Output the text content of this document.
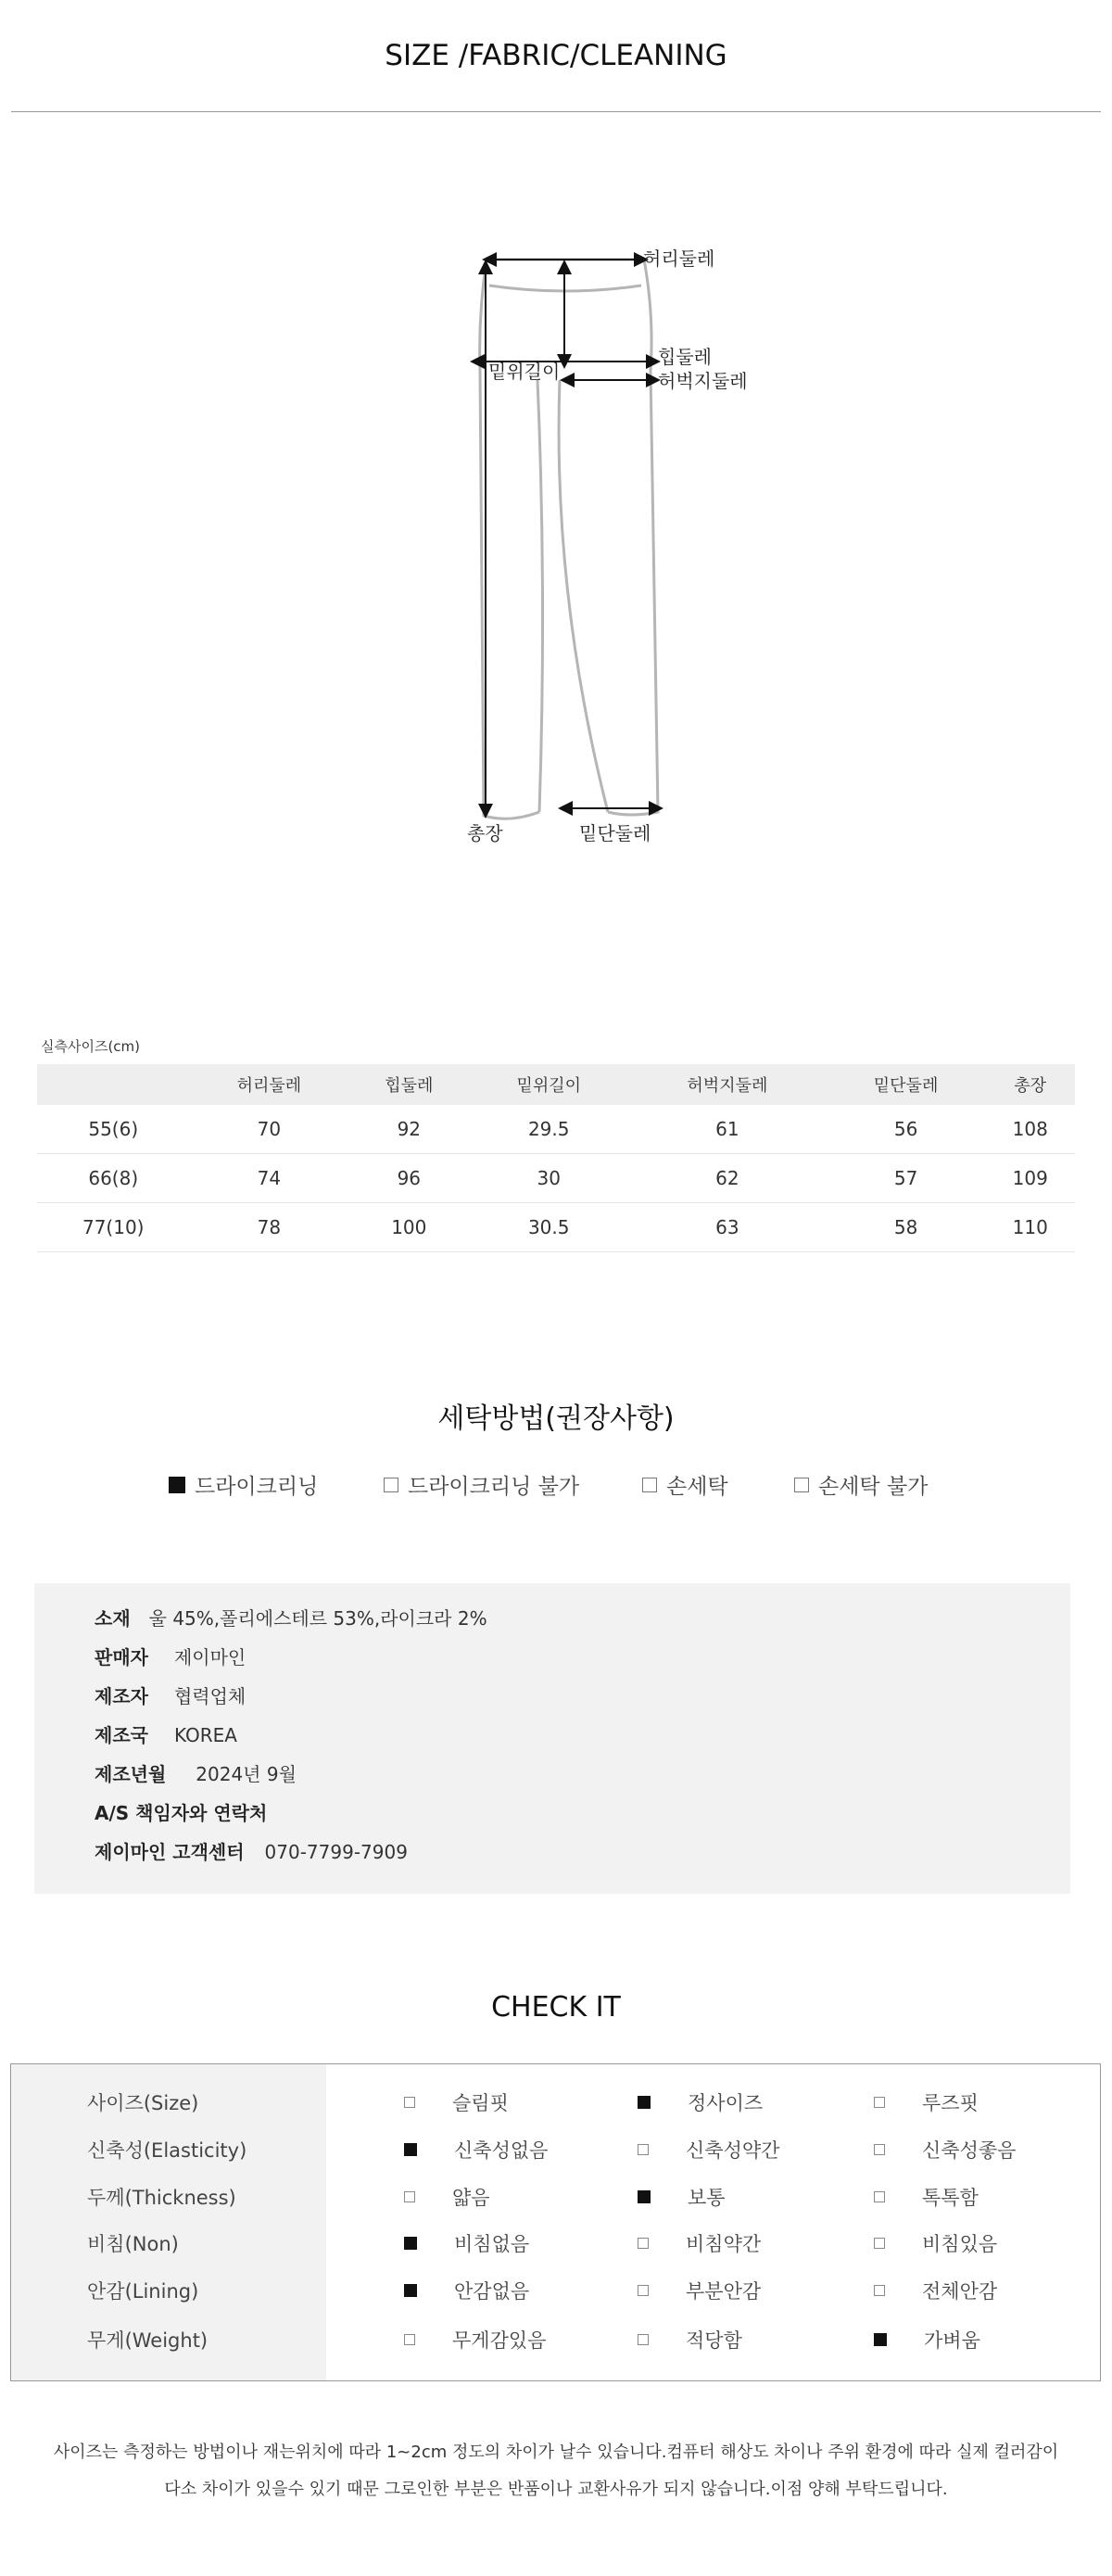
SIZE /FABRIC/CLEANING
허리둘레
힙둘레
밑위길이	허벅지둘레
총장	밑단둘레
실측사이즈(cm)
	허리둘레	힙둘레	밑위길이	허벅지둘레	밑단둘레	총장
55(6)	70	92	29.5	61	56	108
66(8)	74	96	30	62	57	109
77(10)	78	100	30.5	63	58	110
세탁방법(권장사항)
드라이크리닝	드라이크리닝 불가	손세탁	손세탁 불가
소재 울 45%,폴리에스테르 53%,라이크라 2%
판매자 제이마인
제조자 협력업체
제조국 KOREA
제조년월 2024년 9월
A/S 책임자와 연락처
제이마인 고객센터 070-7799-7909
CHECK IT
사이즈(Size)	슬림핏	정사이즈	루즈핏
신축성(Elasticity)	신축성없음	신축성약간	신축성좋음
두께(Thickness)	얇음	보통	톡톡함
비침(Non)	비침없음	비침약간	비침있음
안감(Lining)	안감없음	부분안감	전체안감
무게(Weight)	무게감있음	적당함	가벼움
사이즈는 측정하는 방법이나 재는위치에 따라 1~2cm 정도의 차이가 날수 있습니다.컴퓨터 해상도 차이나 주위 환경에 따라 실제 컬러감이
다소 차이가 있을수 있기 때문 그로인한 부분은 반품이나 교환사유가 되지 않습니다.이점 양해 부탁드립니다.
